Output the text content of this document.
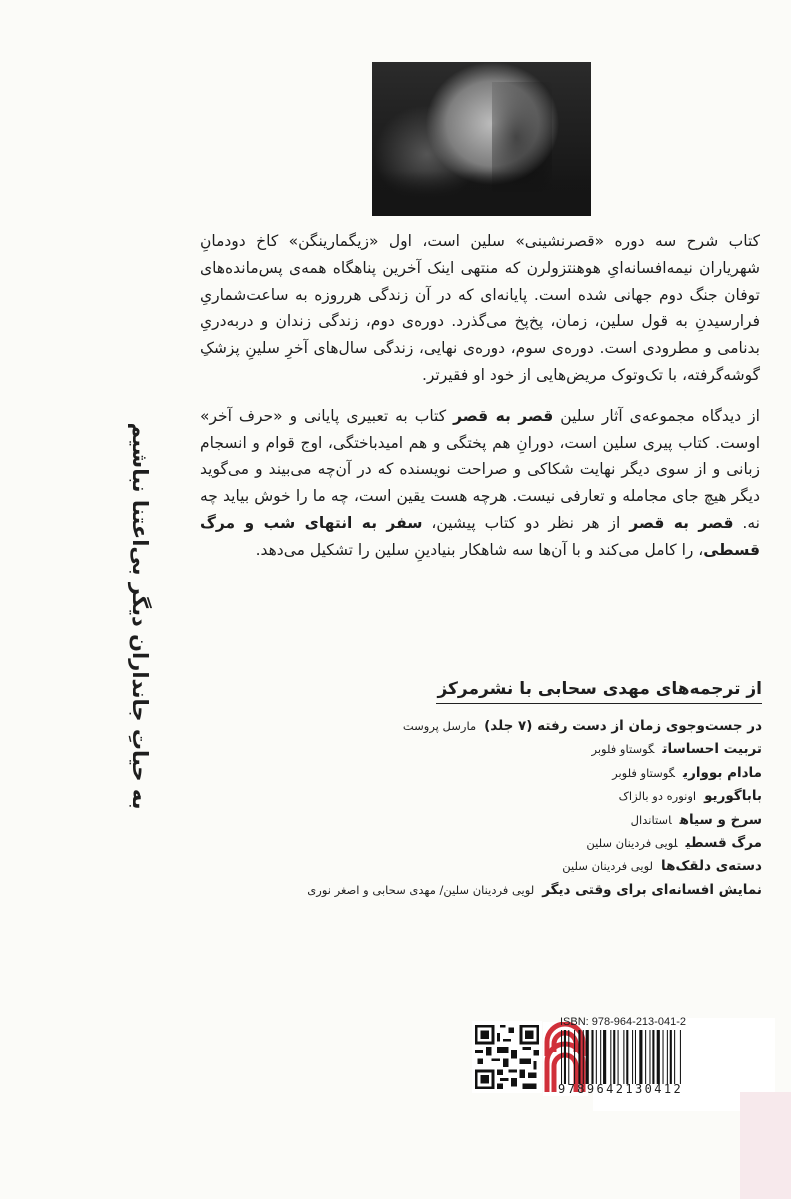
کتاب شرح سه دوره «قصرنشینی» سلین است، اول «زیگمارینگن» کاخ دودمانِ شهریاران نیمه‌افسانه‌ایِ هوهنتزولرن که منتهی اینک آخرین پناهگاه همه‌ی پس‌مانده‌های توفان جنگ دوم جهانی شده است. پایانه‌ای که در آن زندگی هرروزه به ساعت‌شماریِ فرارسیدنِ به قول سلین، زمان، پخ‌پخ می‌گذرد. دوره‌ی دوم، زندگی زندان و دربه‌دریِ بدنامی و مطرودی است. دوره‌ی سوم، دوره‌ی نهایی، زندگی سال‌های آخرِ سلینِ پزشکِ گوشه‌گرفته، با تک‌وتوک مریض‌هایی از خود او فقیرتر.

از دیدگاه مجموعه‌ی آثار سلین قصر به قصر کتاب به تعبیری پایانی و «حرف آخر» اوست. کتاب پیری سلین است، دورانِ هم پختگی و هم امیدباختگی، اوج قوام و انسجام زبانی و از سوی دیگر نهایت شکاکی و صراحت نویسنده که در آن‌چه می‌بیند و می‌گوید دیگر هیچ جای مجامله و تعارفی نیست. هرچه هست یقین است، چه ما را خوش بیاید چه نه. قصر به قصر از هر نظر دو کتاب پیشین، سفر به انتهای شب و مرگ قسطی، را کامل می‌کند و با آن‌ها سه شاهکار بنیادینِ سلین را تشکیل می‌دهد.

به حیاتِ جانداران دیگر بی‌اعتنا نباشیم	از ترجمه‌های مهدی سحابی با نشرمرکز
در جست‌وجوی زمان از دست رفته (۷ جلد)مارسل پروست
تربیت احساساتگوستاو فلوبر
مادام بوواریگوستاو فلوبر
باباگوریواونوره دو بالزاک
سرخ و سیاهاستاندال
مرگ قسطیلویی فردینان سلین
دسته‌ی دلقک‌هالویی فردینان سلین
نمایش افسانه‌ای برای وقتی دیگرلویی فردینان سلین/ مهدی سحابی و اصغر نوری
ISBN: 978-964-213-041-2
9789642130412
